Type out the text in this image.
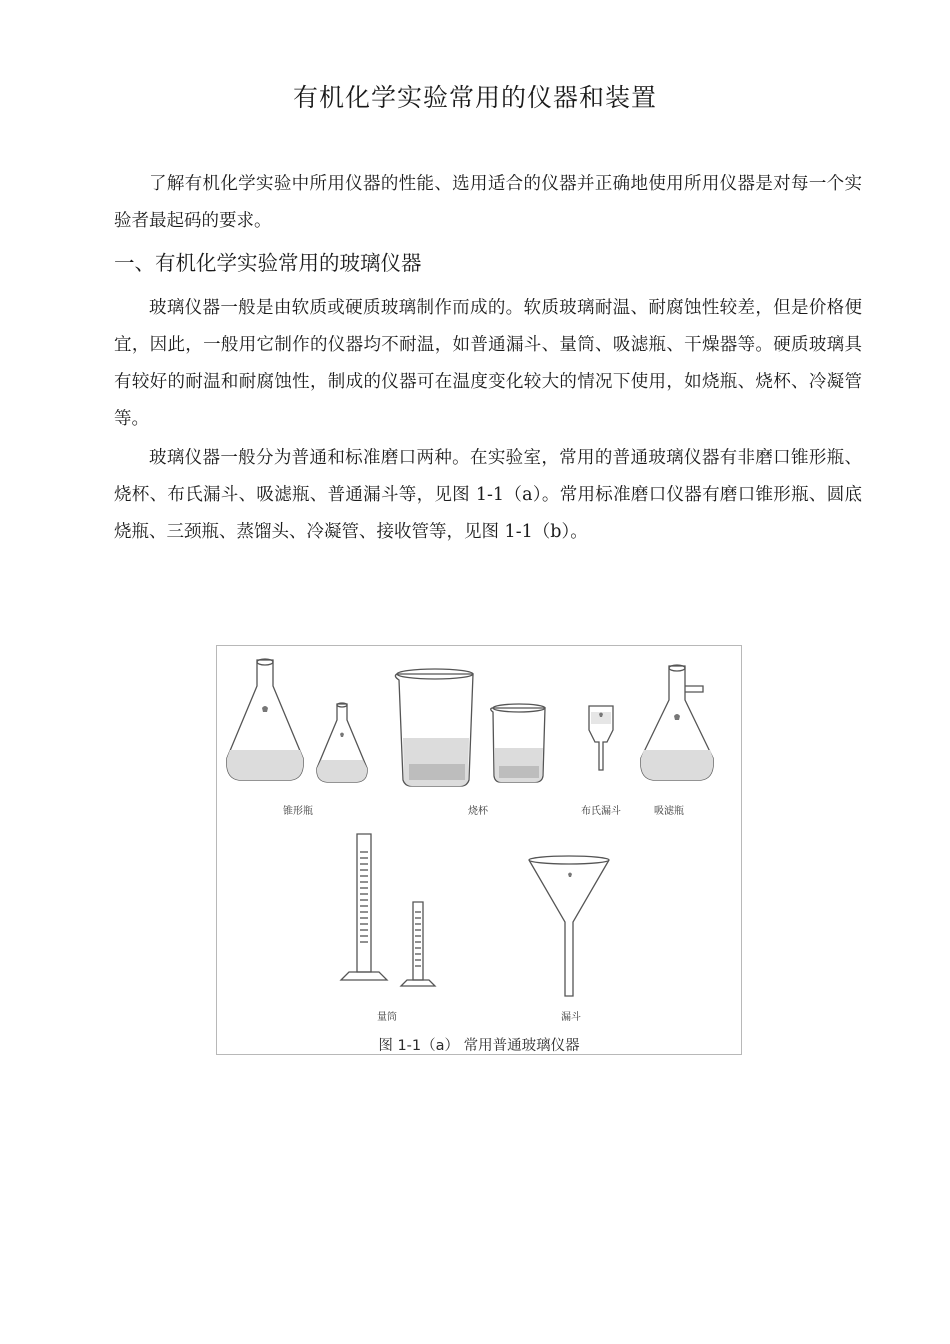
有机化学实验常用的仪器和装置

了解有机化学实验中所用仪器的性能、选用适合的仪器并正确地使用所用仪器是对每一个实验者最起码的要求。

一、有机化学实验常用的玻璃仪器

玻璃仪器一般是由软质或硬质玻璃制作而成的。软质玻璃耐温、耐腐蚀性较差，但是价格便宜，因此，一般用它制作的仪器均不耐温，如普通漏斗、量筒、吸滤瓶、干燥器等。硬质玻璃具有较好的耐温和耐腐蚀性，制成的仪器可在温度变化较大的情况下使用，如烧瓶、烧杯、冷凝管等。

玻璃仪器一般分为普通和标准磨口两种。在实验室，常用的普通玻璃仪器有非磨口锥形瓶、烧杯、布氏漏斗、吸滤瓶、普通漏斗等，见图 1-1（a）。常用标准磨口仪器有磨口锥形瓶、圆底烧瓶、三颈瓶、蒸馏头、冷凝管、接收管等，见图 1-1（b）。

锥形瓶	烧杯	布氏漏斗	吸滤瓶
量筒	漏斗
图 1-1（a） 常用普通玻璃仪器
